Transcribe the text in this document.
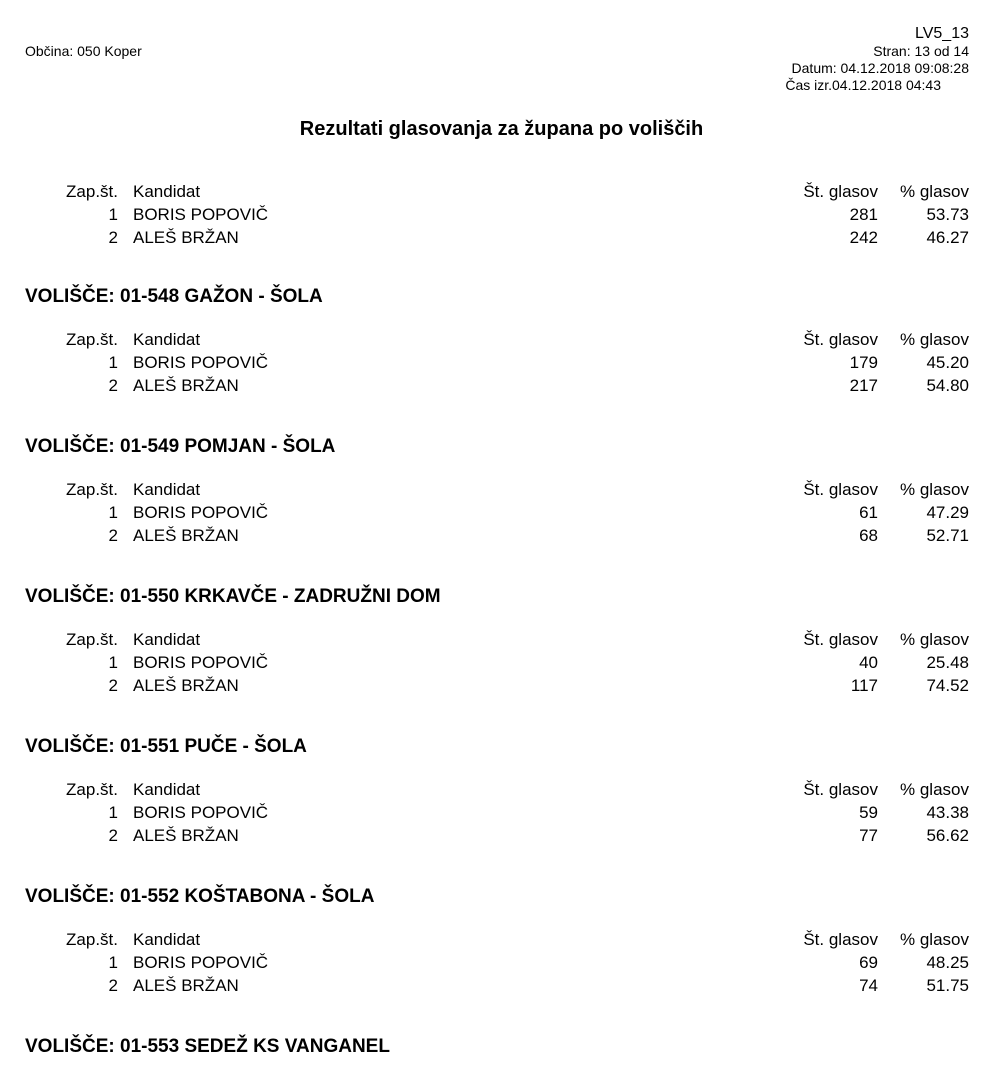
Občina: 050 Koper
LV5_13
Stran: 13 od 14
Datum: 04.12.2018 09:08:28
Čas izr.04.12.2018 04:43
Rezultati glasovanja za župana po voliščih
Zap.št. Kandidat	Št. glasov % glasov
1 BORIS POPOVIČ	281	53.73
2 ALEŠ BRŽAN	242	46.27
VOLIŠČE: 01-548 GAŽON - ŠOLA
Zap.št. Kandidat	Št. glasov % glasov
1 BORIS POPOVIČ	179	45.20
2 ALEŠ BRŽAN	217	54.80
VOLIŠČE: 01-549 POMJAN - ŠOLA
Zap.št. Kandidat	Št. glasov % glasov
1 BORIS POPOVIČ	61	47.29
2 ALEŠ BRŽAN	68	52.71
VOLIŠČE: 01-550 KRKAVČE - ZADRUŽNI DOM
Zap.št. Kandidat	Št. glasov % glasov
1 BORIS POPOVIČ	40	25.48
2 ALEŠ BRŽAN	117	74.52
VOLIŠČE: 01-551 PUČE - ŠOLA
Zap.št. Kandidat	Št. glasov % glasov
1 BORIS POPOVIČ	59	43.38
2 ALEŠ BRŽAN	77	56.62
VOLIŠČE: 01-552 KOŠTABONA - ŠOLA
Zap.št. Kandidat	Št. glasov % glasov
1 BORIS POPOVIČ	69	48.25
2 ALEŠ BRŽAN	74	51.75
VOLIŠČE: 01-553 SEDEŽ KS VANGANEL
